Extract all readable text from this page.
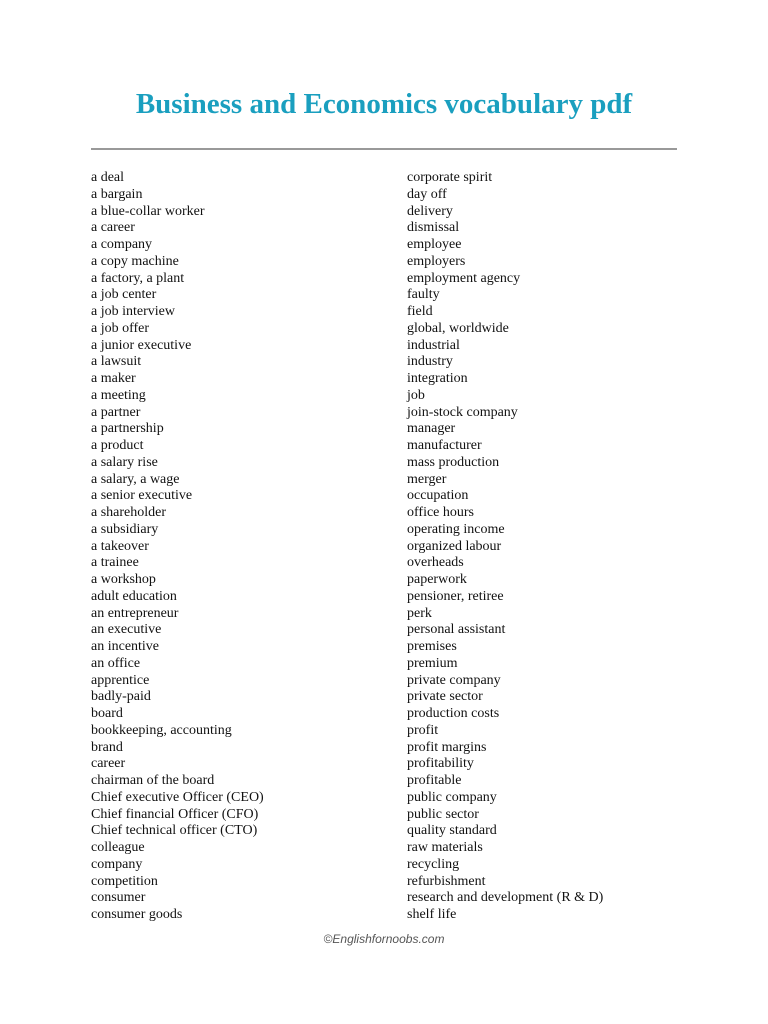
Business and Economics vocabulary pdf
a deal
a bargain
a blue-collar worker
a career
a company
a copy machine
a factory, a plant
a job center
a job interview
a job offer
a junior executive
a lawsuit
a maker
a meeting
a partner
a partnership
a product
a salary rise
a salary, a wage
a senior executive
a shareholder
a subsidiary
a takeover
a trainee
a workshop
adult education
an entrepreneur
an executive
an incentive
an office
apprentice
badly-paid
board
bookkeeping, accounting
brand
career
chairman of the board
Chief executive Officer (CEO)
Chief financial Officer (CFO)
Chief technical officer (CTO)
colleague
company
competition
consumer
consumer goods
corporate spirit
day off
delivery
dismissal
employee
employers
employment agency
faulty
field
global, worldwide
industrial
industry
integration
job
join-stock company
manager
manufacturer
mass production
merger
occupation
office hours
operating income
organized labour
overheads
paperwork
pensioner, retiree
perk
personal assistant
premises
premium
private company
private sector
production costs
profit
profit margins
profitability
profitable
public company
public sector
quality standard
raw materials
recycling
refurbishment
research and development (R & D)
shelf life
©Englishfornoobs.com
